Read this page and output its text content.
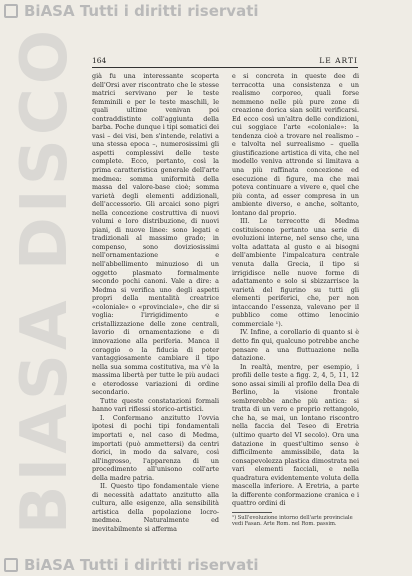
BIASA DISCO
BiASA Tutti i diritti riservati
164	LE ARTI

già fu una interessante scoperta dell'Orsi aver riscontrato che le stesse matrici servivano per le teste femminili e per le teste maschili, le quali ultime venivan poi contraddistinte coll'aggiunta della barba. Poche dunque i tipi somatici dei vasi – dei visi, ben s'intende, relativi a una stessa epoca –, numerosissimi gli aspetti complessivi delle teste complete. Ecco, pertanto, così la prima caratteristica generale dell'arte medmea: somma uniformità della massa del valore-base cioè; somma varietà degli elementi addizionali, dell'accessorio. Gli arcaici sono pigri nella concezione costruttiva di nuovi volumi e loro distribuzione, di nuovi piani, di nuove linee: sono legati e tradizionali al massimo grado; in compenso, sono doviziosissimi nell'ornamentazione e nell'abbellimento minuzioso di un oggetto plasmato formalmente secondo pochi canoni. Vale a dire: a Medma si verifica uno degli aspetti propri della mentalità creatrice «coloniale» o «provinciale», che dir si voglia: l'irrigidimento e cristallizzazione delle zone centrali, lavorio di ornamentazione e di innovazione alla periferia. Manca il coraggio o la fiducia di poter vantaggiosamente cambiare il tipo nella sua somma costitutiva, ma v'è la massima libertà per tutte le più audaci e eterodosse variazioni di ordine secondario.

Tutte queste constatazioni formali hanno vari riflessi storico-artistici.

I. Confermano anzitutto l'ovvia ipotesi di pochi tipi fondamentali importati e, nel caso di Medma, importati (può ammettersi) da centri dorici, in modo da salvare, così all'ingrosso, l'apparenza di un procedimento all'unisono coll'arte della madre patria.

II. Questo tipo fondamentale viene di necessità adattato anzitutto alla cultura, alle esigenze, alla sensibilità artistica della popolazione locro-medmea. Naturalmente ed inevitabilmente si afferma

e si concreta in queste dee di terracotta una consistenza e un realismo corporeo, quali forse nemmeno nelle più pure zone di creazione dorica sian soliti verificarsi. Ed ecco così un'altra delle condizioni, cui soggiace l'arte «coloniale»: la tendenza cioè a trovare nel realismo – e talvolta nel surrealismo – quella giustificazione artistica di vita, che nel modello veniva attronde si limitava a una più raffinata concezione ed esecuzione di figure, ma che mai poteva continuare a vivere e, quel che più conta, ad esser compresa in un ambiente diverso, e anche, soltanto, lontano dal proprio.

III. Le terrecotte di Medma costituiscono pertanto una serie di evoluzioni interne, nel senso che, una volta adattata al gusto e ai bisogni dell'ambiente l'impalcatura centrale venuta dalla Grecia, il tipo si irrigidisce nelle nuove forme di adattamento e solo si sbizzarrisce la varietà del figurino su tutti gli elementi periferici, che, per non intaccando l'essenza, valevano per il pubblico come ottimo lenocinio commerciale ¹).

IV. Infine, a corollario di quanto si è detto fin qui, qualcuno potrebbe anche pensare a una fluttuazione nella datazione.

In realtà, mentre, per esempio, i profili delle teste a figg. 2, 4, 5, 11, 12 sono assai simili al profilo della Dea di Berlino, la visione frontale sembrerebbe anche più antica: si tratta di un vero e proprio rettangolo, che ha, se mai, un lontano riscontro nella faccia del Teseo di Eretria (ultimo quarto del VI secolo). Ora una datazione in quest'ultimo senso è difficilmente ammissibile, data la consapevolezza plastica dimostrata nei vari elementi facciali, e nella quadratura evidentemente voluta della mascella inferiore. A Eretria, a parte la differente conformazione cranica e i quattro ordini di

¹) Sull'evoluzione intorno dell'arte provinciale vedi Fasan. Arte Rom. nel Rom. passim.
BiASA Tutti i diritti riservati
